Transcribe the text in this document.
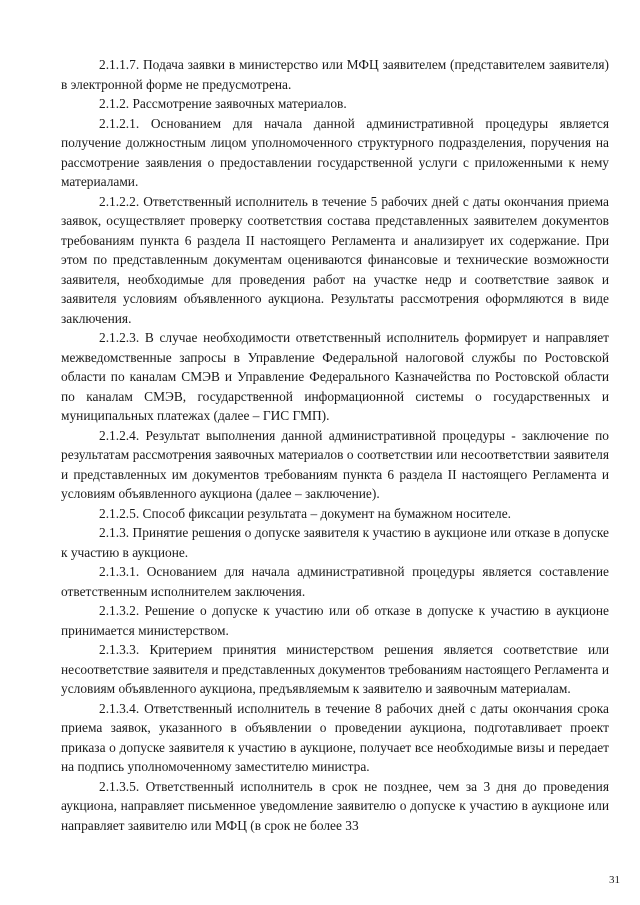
2.1.1.7. Подача заявки в министерство или МФЦ заявителем (представителем заявителя) в электронной форме не предусмотрена.

2.1.2. Рассмотрение заявочных материалов.

2.1.2.1. Основанием для начала данной административной процедуры является получение должностным лицом уполномоченного структурного подразделения, поручения на рассмотрение заявления о предоставлении государственной услуги с приложенными к нему материалами.

2.1.2.2. Ответственный исполнитель в течение 5 рабочих дней с даты окончания приема заявок, осуществляет проверку соответствия состава представленных заявителем документов требованиям пункта 6 раздела II настоящего Регламента и анализирует их содержание. При этом по представленным документам оцениваются финансовые и технические возможности заявителя, необходимые для проведения работ на участке недр и соответствие заявок и заявителя условиям объявленного аукциона. Результаты рассмотрения оформляются в виде заключения.

2.1.2.3. В случае необходимости ответственный исполнитель формирует и направляет межведомственные запросы в Управление Федеральной налоговой службы по Ростовской области по каналам СМЭВ и Управление Федерального Казначейства по Ростовской области по каналам СМЭВ, государственной информационной системы о государственных и муниципальных платежах (далее – ГИС ГМП).

2.1.2.4. Результат выполнения данной административной процедуры - заключение по результатам рассмотрения заявочных материалов о соответствии или несоответствии заявителя и представленных им документов требованиям пункта 6 раздела II настоящего Регламента и условиям объявленного аукциона (далее – заключение).

2.1.2.5. Способ фиксации результата – документ на бумажном носителе.

2.1.3. Принятие решения о допуске заявителя к участию в аукционе или отказе в допуске к участию в аукционе.

2.1.3.1. Основанием для начала административной процедуры является составление ответственным исполнителем заключения.

2.1.3.2. Решение о допуске к участию или об отказе в допуске к участию в аукционе принимается министерством.

2.1.3.3. Критерием принятия министерством решения является соответствие или несоответствие заявителя и представленных документов требованиям настоящего Регламента и условиям объявленного аукциона, предъявляемым к заявителю и заявочным материалам.

2.1.3.4. Ответственный исполнитель в течение 8 рабочих дней с даты окончания срока приема заявок, указанного в объявлении о проведении аукциона, подготавливает проект приказа о допуске заявителя к участию в аукционе, получает все необходимые визы и передает на подпись уполномоченному заместителю министра.

2.1.3.5. Ответственный исполнитель в срок не позднее, чем за 3 дня до проведения аукциона, направляет письменное уведомление заявителю о допуске к участию в аукционе или направляет заявителю или МФЦ (в срок не более 33

31
